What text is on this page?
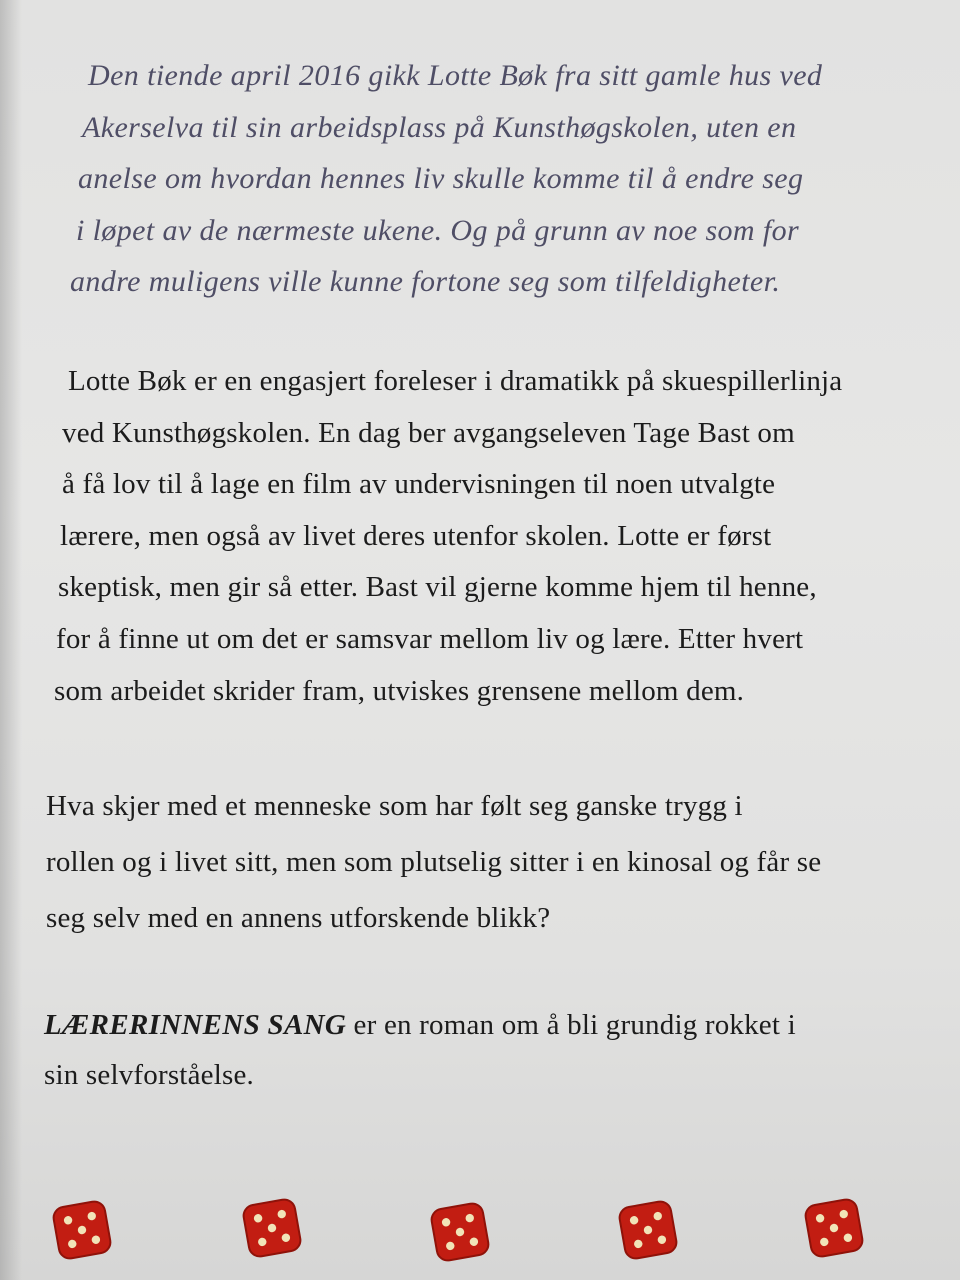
Den tiende april 2016 gikk Lotte Bøk fra sitt gamle hus ved
Akerselva til sin arbeidsplass på Kunsthøgskolen, uten en
anelse om hvordan hennes liv skulle komme til å endre seg
i løpet av de nærmeste ukene. Og på grunn av noe som for
andre muligens ville kunne fortone seg som tilfeldigheter.

Lotte Bøk er en engasjert foreleser i dramatikk på skuespillerlinja
ved Kunsthøgskolen. En dag ber avgangseleven Tage Bast om
å få lov til å lage en film av undervisningen til noen utvalgte
lærere, men også av livet deres utenfor skolen. Lotte er først
skeptisk, men gir så etter. Bast vil gjerne komme hjem til henne,
for å finne ut om det er samsvar mellom liv og lære. Etter hvert
som arbeidet skrider fram, utviskes grensene mellom dem.

Hva skjer med et menneske som har følt seg ganske trygg i
rollen og i livet sitt, men som plutselig sitter i en kinosal og får se
seg selv med en annens utforskende blikk?

LÆRERINNENS SANG er en roman om å bli grundig rokket i
sin selvforståelse.
